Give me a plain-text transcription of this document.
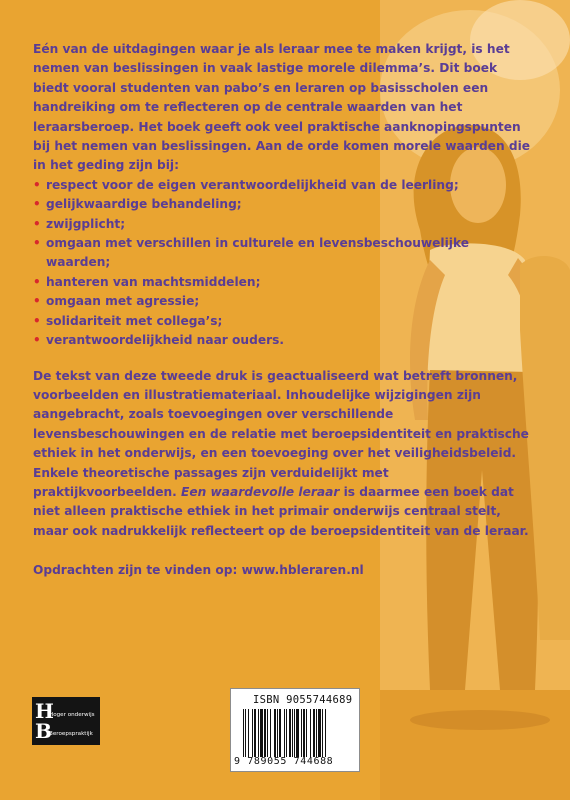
Eén van de uitdagingen waar je als leraar mee te maken krijgt, is het nemen van beslissingen in vaak lastige morele dilemma’s. Dit boek biedt vooral studenten van pabo’s en leraren op basisscholen een handreiking om te reflecteren op de centrale waarden van het leraarsberoep. Het boek geeft ook veel praktische aanknopingspunten bij het nemen van beslissingen. Aan de orde komen morele waarden die in het geding zijn bij:

• respect voor de eigen verantwoordelijkheid van de leerling;
• gelijkwaardige behandeling;
• zwijgplicht;
• omgaan met verschillen in culturele en levensbeschouwelijke waarden;
• hanteren van machtsmiddelen;
• omgaan met agressie;
• solidariteit met collega’s;
• verantwoordelijkheid naar ouders.

De tekst van deze tweede druk is geactualiseerd wat betreft bronnen, voorbeelden en illustratiemateriaal. Inhoudelijke wijzigingen zijn aangebracht, zoals toevoegingen over verschillende levensbeschouwingen en de relatie met beroepsidentiteit en praktische ethiek in het onderwijs, en een toevoeging over het veiligheidsbeleid. Enkele theoretische passages zijn verduidelijkt met praktijkvoorbeelden. Een waardevolle leraar is daarmee een boek dat niet alleen praktische ethiek in het primair onderwijs centraal stelt, maar ook nadrukkelijk reflecteert op de beroepsidentiteit van de leraar.

Opdrachten zijn te vinden op: www.hbleraren.nl

H
Hoger onderwijs
B
Beroepspraktijk
ISBN 9055744689
9 789055 744688
